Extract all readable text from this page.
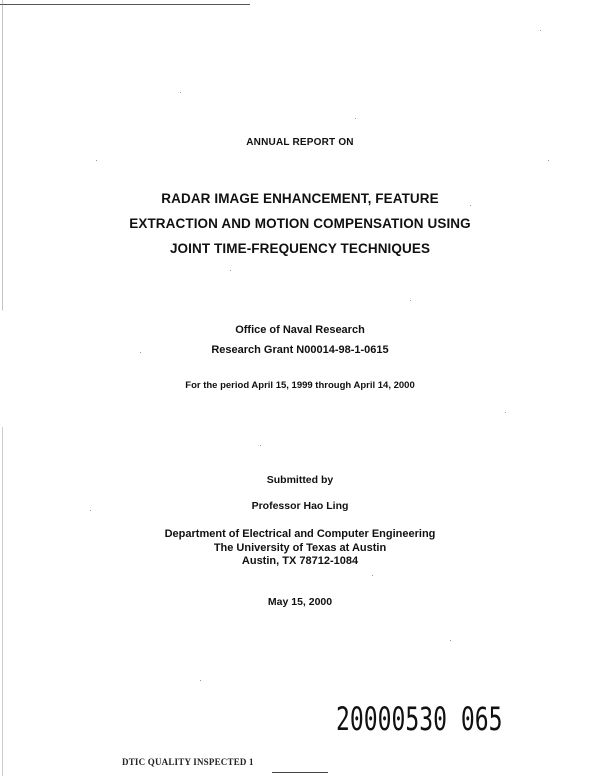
ANNUAL REPORT ON
RADAR IMAGE ENHANCEMENT, FEATURE
EXTRACTION AND MOTION COMPENSATION USING
JOINT TIME-FREQUENCY TECHNIQUES
Office of Naval Research
Research Grant N00014-98-1-0615
For the period April 15, 1999 through April 14, 2000
Submitted by
Professor Hao Ling
Department of Electrical and Computer Engineering
The University of Texas at Austin
Austin, TX 78712-1084
May 15, 2000
20000530 065
DTIC QUALITY INSPECTED 1
